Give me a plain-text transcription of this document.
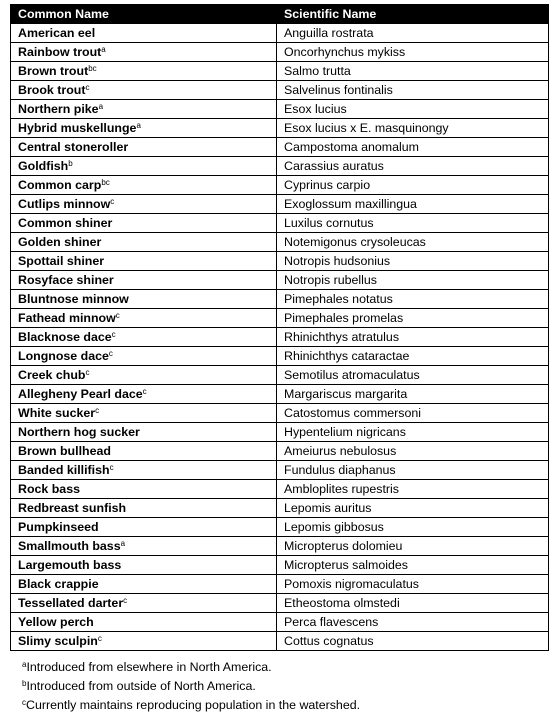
Common Name	Scientific Name
American eel	Anguilla rostrata
Rainbow trout$^a$	Oncorhynchus mykiss
Brown trout$^{bc}$	Salmo trutta
Brook trout$^c$	Salvelinus fontinalis
Northern pike$^a$	Esox lucius
Hybrid muskellunge$^a$	Esox lucius x E. masquinongy
Central stoneroller	Campostoma anomalum
Goldfish$^b$	Carassius auratus
Common carp$^{bc}$	Cyprinus carpio
Cutlips minnow$^c$	Exoglossum maxillingua
Common shiner	Luxilus cornutus
Golden shiner	Notemigonus crysoleucas
Spottail shiner	Notropis hudsonius
Rosyface shiner	Notropis rubellus
Bluntnose minnow	Pimephales notatus
Fathead minnow$^c$	Pimephales promelas
Blacknose dace$^c$	Rhinichthys atratulus
Longnose dace$^c$	Rhinichthys cataractae
Creek chub$^c$	Semotilus atromaculatus
Allegheny Pearl dace$^c$	Margariscus margarita
White sucker$^c$	Catostomus commersoni
Northern hog sucker	Hypentelium nigricans
Brown bullhead	Ameiurus nebulosus
Banded killifish$^c$	Fundulus diaphanus
Rock bass	Ambloplites rupestris
Redbreast sunfish	Lepomis auritus
Pumpkinseed	Lepomis gibbosus
Smallmouth bass$^a$	Micropterus dolomieu
Largemouth bass	Micropterus salmoides
Black crappie	Pomoxis nigromaculatus
Tessellated darter$^c$	Etheostoma olmstedi
Yellow perch	Perca flavescens
Slimy sculpin$^c$	Cottus cognatus
$^a$Introduced from elsewhere in North America.
$^b$Introduced from outside of North America.
$^c$Currently maintains reproducing population in the watershed.
